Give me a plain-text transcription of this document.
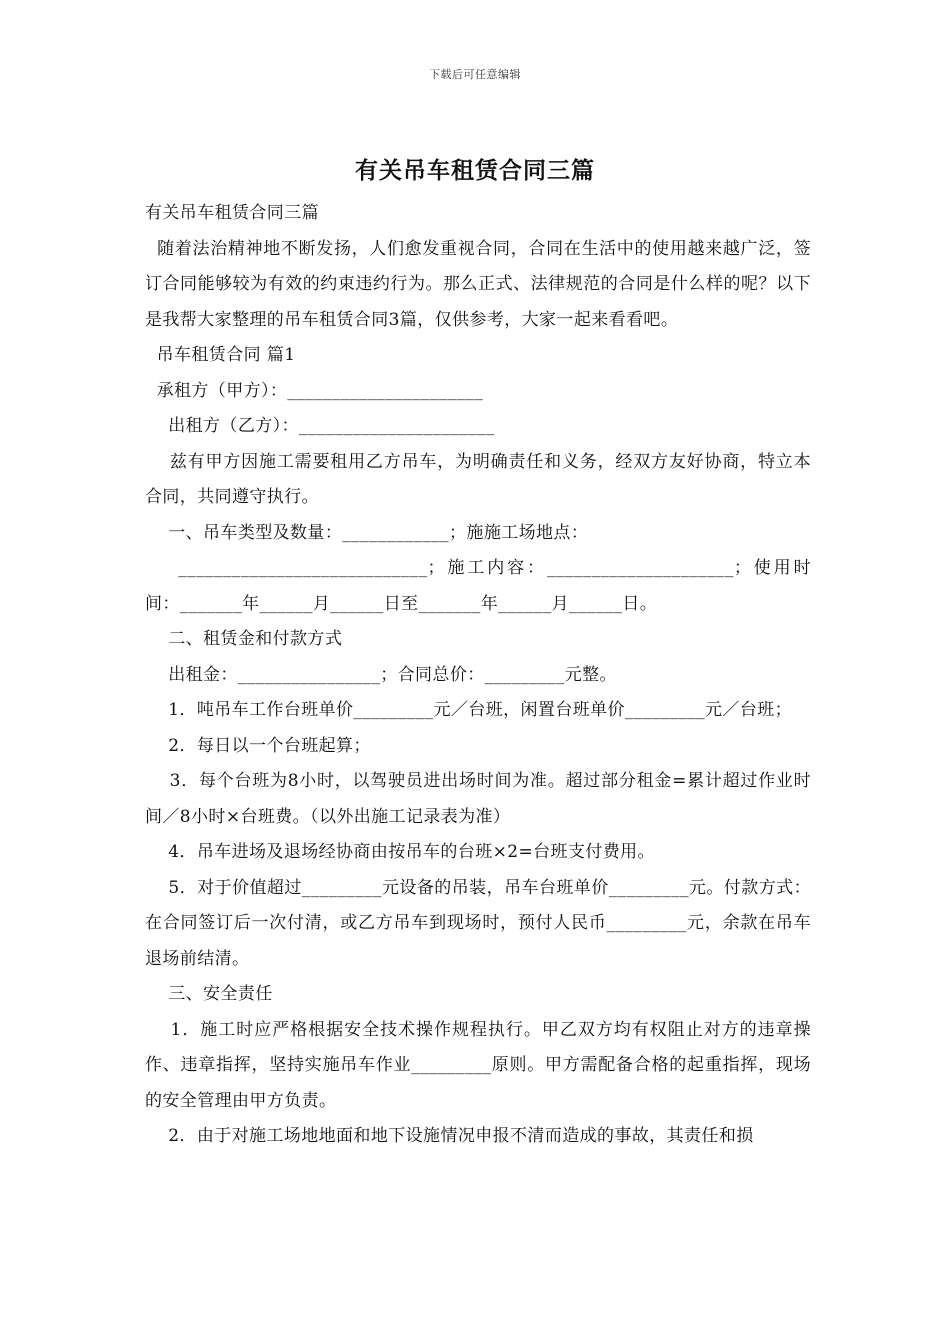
下载后可任意编辑
有关吊车租赁合同三篇

有关吊车租赁合同三篇

随着法治精神地不断发扬，人们愈发重视合同，合同在生活中的使用越来越广泛，签订合同能够较为有效的约束违约行为。那么正式、法律规范的合同是什么样的呢？以下是我帮大家整理的吊车租赁合同3篇，仅供参考，大家一起来看看吧。

吊车租赁合同 篇1

承租方（甲方）：______________________

出租方（乙方）：______________________

兹有甲方因施工需要租用乙方吊车，为明确责任和义务，经双方友好协商，特立本合同，共同遵守执行。

一、吊车类型及数量：____________；施施工场地点：

____________________________；施工内容：_____________________；使用时间：_______年______月______日至_______年______月______日。

二、租赁金和付款方式

出租金：________________；合同总价：_________元整。

1．吨吊车工作台班单价_________元／台班，闲置台班单价_________元／台班；

2．每日以一个台班起算；

3．每个台班为8小时，以驾驶员进出场时间为准。超过部分租金=累计超过作业时间／8小时×台班费。（以外出施工记录表为准）

4．吊车进场及退场经协商由按吊车的台班×2=台班支付费用。

5．对于价值超过_________元设备的吊装，吊车台班单价_________元。付款方式：在合同签订后一次付清，或乙方吊车到现场时，预付人民币_________元，余款在吊车退场前结清。

三、安全责任

1．施工时应严格根据安全技术操作规程执行。甲乙双方均有权阻止对方的违章操作、违章指挥，坚持实施吊车作业_________原则。甲方需配备合格的起重指挥，现场的安全管理由甲方负责。

2．由于对施工场地地面和地下设施情况申报不清而造成的事故，其责任和损
